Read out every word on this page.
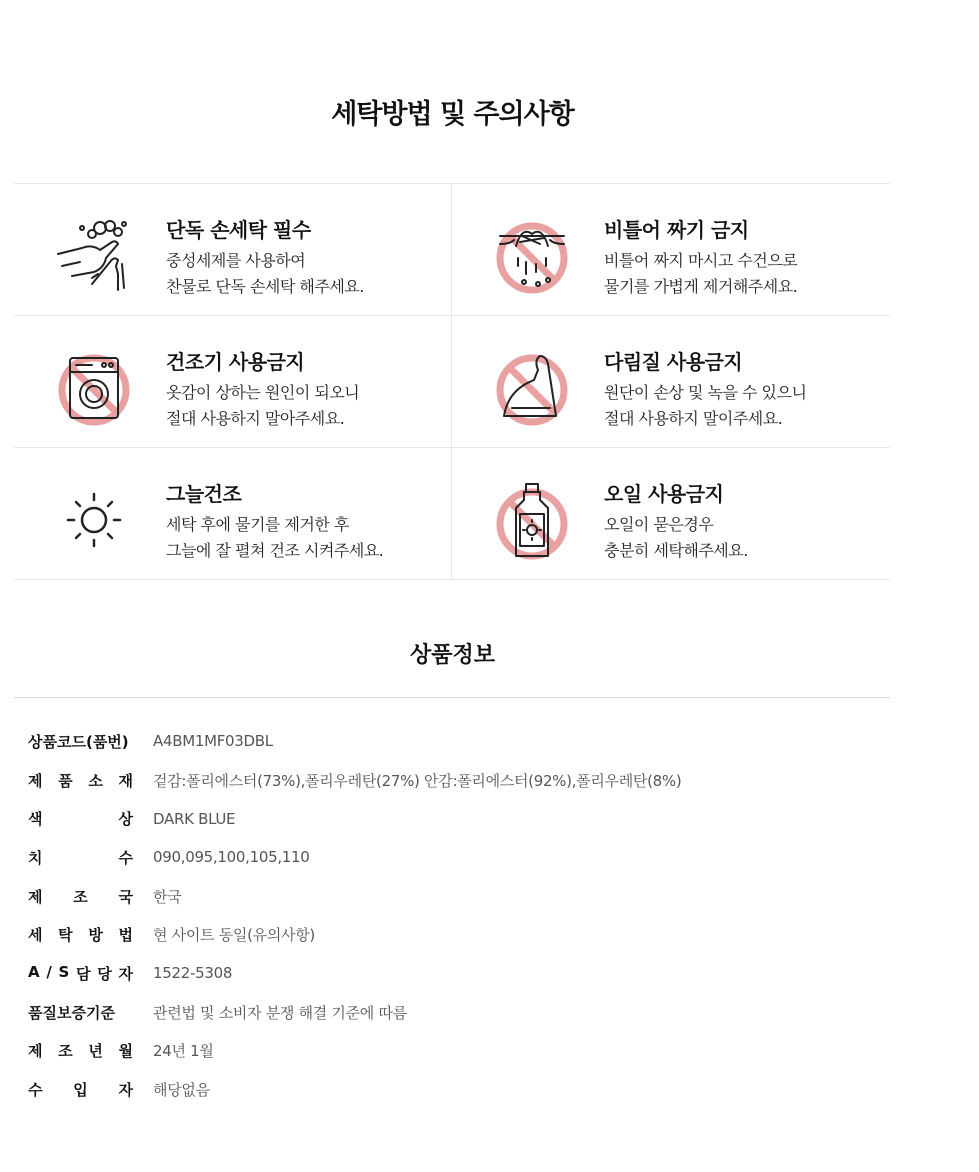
세탁방법 및 주의사항
단독 손세탁 필수
중성세제를 사용하여
찬물로 단독 손세탁 해주세요.
비틀어 짜기 금지
비틀어 짜지 마시고 수건으로
물기를 가볍게 제거해주세요.
건조기 사용금지
옷감이 상하는 원인이 되오니
절대 사용하지 말아주세요.
다림질 사용금지
원단이 손상 및 녹을 수 있으니
절대 사용하지 말이주세요.
그늘건조
세탁 후에 물기를 제거한 후
그늘에 잘 펼쳐 건조 시켜주세요.
오일 사용금지
오일이 묻은경우
충분히 세탁해주세요.
상품정보
상품코드(품번) A4BM1MF03DBL
제 품 소 재 겉감:폴리에스터(73%),폴리우레탄(27%) 안감:폴리에스터(92%),폴리우레탄(8%)
색	상 DARK BLUE
치	수 090,095,100,105,110
제 조 국 한국
세 탁 방 법 현 사이트 동일(유의사항)
A / S 담 당 자 1522-5308
품질보증기준	관련법 및 소비자 분쟁 해결 기준에 따름
제 조 년 월 24년 1월
수 입 자 해당없음
